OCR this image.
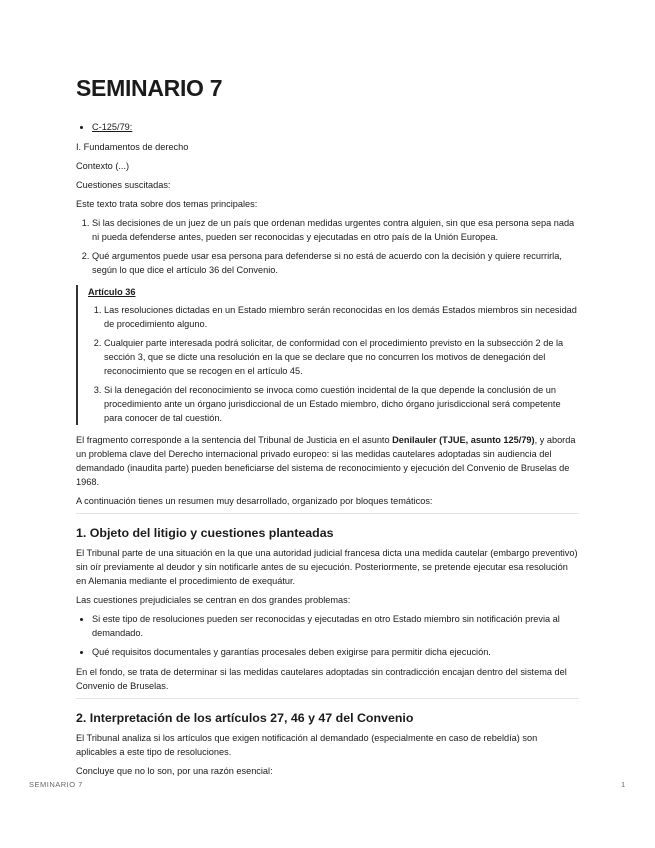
SEMINARIO 7
• C-125/79:

I. Fundamentos de derecho

Contexto (...)

Cuestiones suscitadas:

Este texto trata sobre dos temas principales:

1. Si las decisiones de un juez de un país que ordenan medidas urgentes contra alguien, sin que esa persona sepa nada ni pueda defenderse antes, pueden ser reconocidas y ejecutadas en otro país de la Unión Europea.
2. Qué argumentos puede usar esa persona para defenderse si no está de acuerdo con la decisión y quiere recurrirla, según lo que dice el artículo 36 del Convenio.
Artículo 36
1. Las resoluciones dictadas en un Estado miembro serán reconocidas en los demás Estados miembros sin necesidad de procedimiento alguno.
2. Cualquier parte interesada podrá solicitar, de conformidad con el procedimiento previsto en la subsección 2 de la sección 3, que se dicte una resolución en la que se declare que no concurren los motivos de denegación del reconocimiento que se recogen en el artículo 45.
3. Si la denegación del reconocimiento se invoca como cuestión incidental de la que depende la conclusión de un procedimiento ante un órgano jurisdiccional de un Estado miembro, dicho órgano jurisdiccional será competente para conocer de tal cuestión.

El fragmento corresponde a la sentencia del Tribunal de Justicia en el asunto Denilauler (TJUE, asunto 125/79), y aborda un problema clave del Derecho internacional privado europeo: si las medidas cautelares adoptadas sin audiencia del demandado (inaudita parte) pueden beneficiarse del sistema de reconocimiento y ejecución del Convenio de Bruselas de 1968.

A continuación tienes un resumen muy desarrollado, organizado por bloques temáticos:

1. Objeto del litigio y cuestiones planteadas

El Tribunal parte de una situación en la que una autoridad judicial francesa dicta una medida cautelar (embargo preventivo) sin oír previamente al deudor y sin notificarle antes de su ejecución. Posteriormente, se pretende ejecutar esa resolución en Alemania mediante el procedimiento de exequátur.

Las cuestiones prejudiciales se centran en dos grandes problemas:

• Si este tipo de resoluciones pueden ser reconocidas y ejecutadas en otro Estado miembro sin notificación previa al demandado.
• Qué requisitos documentales y garantías procesales deben exigirse para permitir dicha ejecución.

En el fondo, se trata de determinar si las medidas cautelares adoptadas sin contradicción encajan dentro del sistema del Convenio de Bruselas.

2. Interpretación de los artículos 27, 46 y 47 del Convenio

El Tribunal analiza si los artículos que exigen notificación al demandado (especialmente en caso de rebeldía) son aplicables a este tipo de resoluciones.

Concluye que no lo son, por una razón esencial:

SEMINARIO 7	1
